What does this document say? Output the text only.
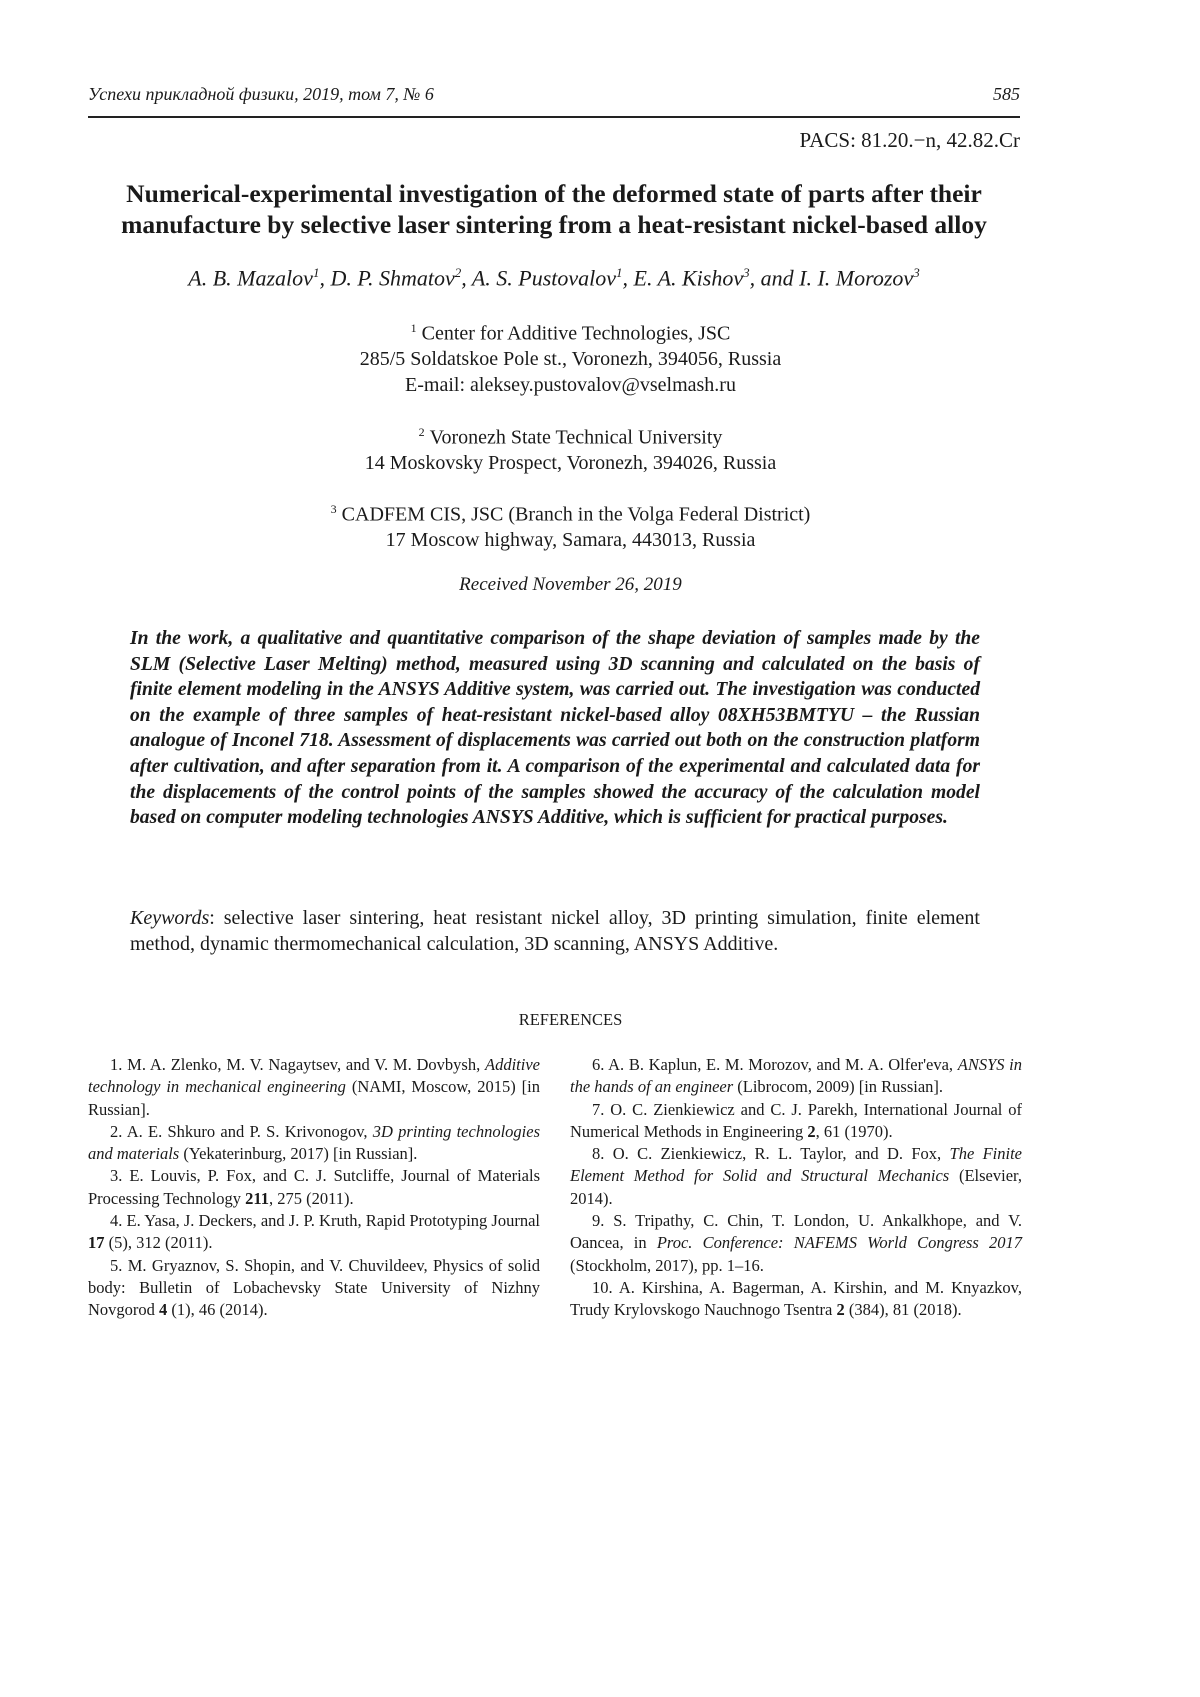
Успехи прикладной физики, 2019, том 7, № 6	585
PACS: 81.20.−n, 42.82.Cr
Numerical-experimental investigation of the deformed state of parts after their
manufacture by selective laser sintering from a heat-resistant nickel-based alloy
A. B. Mazalov$^1$, D. P. Shmatov$^2$, A. S. Pustovalov$^1$, E. A. Kishov$^3$, and I. I. Morozov$^3$
$^1$ Center for Additive Technologies, JSC
285/5 Soldatskoe Pole st., Voronezh, 394056, Russia
E-mail: aleksey.pustovalov@vselmash.ru
$^2$ Voronezh State Technical University
14 Moskovsky Prospect, Voronezh, 394026, Russia
$^3$ CADFEM CIS, JSC (Branch in the Volga Federal District)
17 Moscow highway, Samara, 443013, Russia
Received November 26, 2019

In the work, a qualitative and quantitative comparison of the shape deviation of samples made by the SLM (Selective Laser Melting) method, measured using 3D scanning and calculated on the basis of finite element modeling in the ANSYS Additive system, was carried out. The investigation was conducted on the example of three samples of heat-resistant nickel-based alloy 08XH53BMTYU – the Russian analogue of Inconel 718. Assessment of displacements was carried out both on the construction platform after cultivation, and after separation from it. A comparison of the experimental and calculated data for the displacements of the control points of the samples showed the accuracy of the calculation model based on computer modeling technologies ANSYS Additive, which is sufficient for practical purposes.

Keywords: selective laser sintering, heat resistant nickel alloy, 3D printing simulation, finite element method, dynamic thermomechanical calculation, 3D scanning, ANSYS Additive.

REFERENCES

1. M. A. Zlenko, M. V. Nagaytsev, and V. M. Dovbysh, Additive technology in mechanical engineering (NAMI, Moscow, 2015) [in Russian].

2. A. E. Shkuro and P. S. Krivonogov, 3D printing technologies and materials (Yekaterinburg, 2017) [in Russian].

3. E. Louvis, P. Fox, and C. J. Sutcliffe, Journal of Materials Processing Technology 211, 275 (2011).

4. E. Yasa, J. Deckers, and J. P. Kruth, Rapid Prototyping Journal 17 (5), 312 (2011).

5. M. Gryaznov, S. Shopin, and V. Chuvildeev, Physics of solid body: Bulletin of Lobachevsky State University of Nizhny Novgorod 4 (1), 46 (2014).

6. A. B. Kaplun, E. M. Morozov, and M. A. Olfer'eva, ANSYS in the hands of an engineer (Librocom, 2009) [in Russian].

7. O. C. Zienkiewicz and C. J. Parekh, International Journal of Numerical Methods in Engineering 2, 61 (1970).

8. O. C. Zienkiewicz, R. L. Taylor, and D. Fox, The Finite Element Method for Solid and Structural Mechanics (Elsevier, 2014).

9. S. Tripathy, C. Chin, T. London, U. Ankalkhope, and V. Oancea, in Proc. Conference: NAFEMS World Congress 2017 (Stockholm, 2017), pp. 1–16.

10. A. Kirshina, A. Bagerman, A. Kirshin, and M. Knyazkov, Trudy Krylovskogo Nauchnogo Tsentra 2 (384), 81 (2018).
